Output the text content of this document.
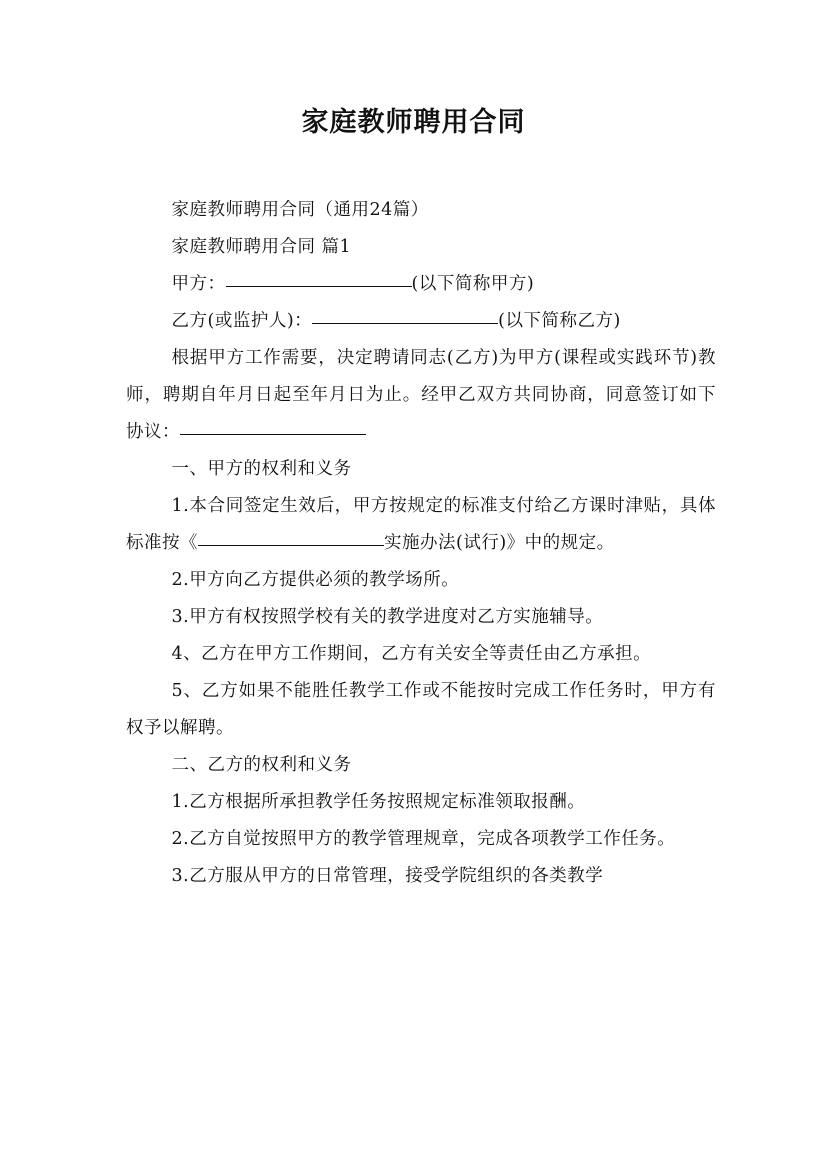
家庭教师聘用合同

家庭教师聘用合同（通用24篇）

家庭教师聘用合同 篇1

甲方：	(以下简称甲方)

乙方(或监护人)：	(以下简称乙方)

根据甲方工作需要，决定聘请同志(乙方)为甲方(课程或实践环节)教师，聘期自年月日起至年月日为止。经甲乙双方共同协商，同意签订如下协议：

一、甲方的权利和义务

1.本合同签定生效后，甲方按规定的标准支付给乙方课时津贴，具体标准按《	实施办法(试行)》中的规定。

2.甲方向乙方提供必须的教学场所。

3.甲方有权按照学校有关的教学进度对乙方实施辅导。

4、乙方在甲方工作期间，乙方有关安全等责任由乙方承担。

5、乙方如果不能胜任教学工作或不能按时完成工作任务时，甲方有权予以解聘。

二、乙方的权利和义务

1.乙方根据所承担教学任务按照规定标准领取报酬。

2.乙方自觉按照甲方的教学管理规章，完成各项教学工作任务。

3.乙方服从甲方的日常管理，接受学院组织的各类教学
